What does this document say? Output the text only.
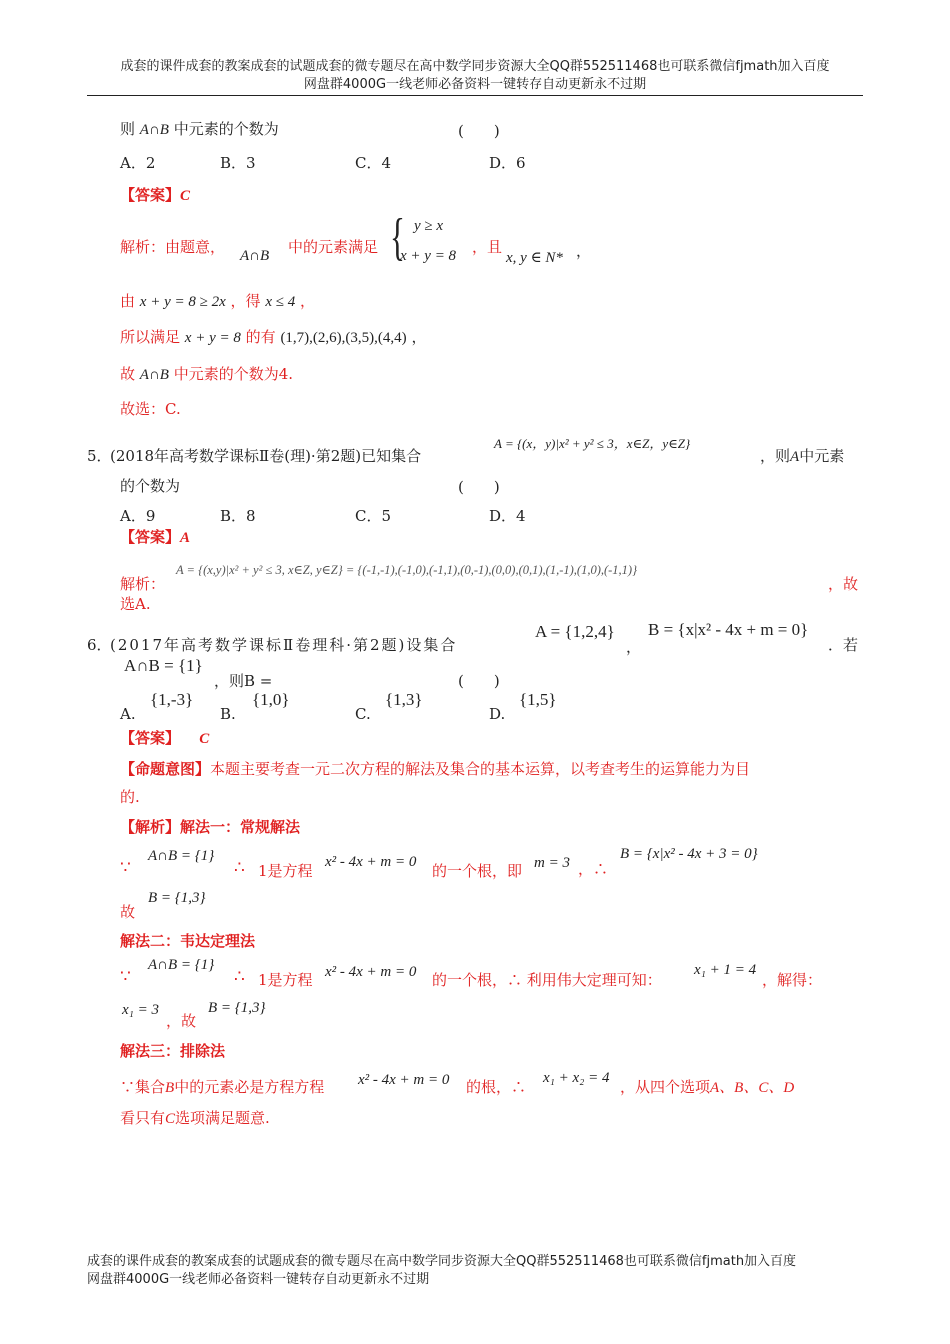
成套的课件成套的教案成套的试题成套的微专题尽在高中数学同步资源大全QQ群552511468也可联系微信fjmath加入百度
网盘群4000G一线老师必备资料一键转存自动更新永不过期
则 A∩B 中元素的个数为	(　　)
A．2	B．3	C．4	D．6
【答案】C
解析：由题意， A∩B 中的元素满足 { y ≥ x
x + y = 8 ，且
x, y ∈ N* ，
由 x + y = 8 ≥ 2x ，得 x ≤ 4 ，
所以满足 x + y = 8 的有 (1,7),(2,6),(3,5),(4,4) ，
故 A∩B 中元素的个数为4.
故选：C.
5．
(2018年高考数学课标Ⅱ卷(理)·第2题)已知集合
A = {(x，y)|x² + y² ≤ 3，x∈Z，y∈Z}
，则A中元素
的个数为	(　　)
A．9	B．8	C．5	D．4
【答案】A
解析：
A = {(x,y)|x² + y² ≤ 3, x∈Z, y∈Z} = {(-1,-1),(-1,0),(-1,1),(0,-1),(0,0),(0,1),(1,-1),(1,0),(-1,1)}
，故
选A.
6．
(2017年高考数学课标Ⅱ卷理科·第2题)设集合
A = {1,2,4}
，
B = {x|x² - 4x + m = 0}
．若
A∩B = {1}
，则B =	(　　)
A.
{1,-3}
B.
{1,0}
C.
{1,3}
D.
{1,5}
【答案】 C
【命题意图】本题主要考查一元二次方程的解法及集合的基本运算，以考查考生的运算能力为目
的.
【解析】解法一：常规解法
∵
A∩B = {1}
∴ 1是方程 x² - 4x + m = 0 的一个根，即 m = 3 ，∴
B = {x|x² - 4x + 3 = 0}
故
B = {1,3}
解法二：韦达定理法
∵
A∩B = {1}
∴ 1是方程 x² - 4x + m = 0 的一个根，∴ 利用伟大定理可知：
x₁ + 1 = 4
，解得：
x₁ = 3
，故
B = {1,3}
解法三：排除法
∵集合B中的元素必是方程方程 x² - 4x + m = 0 的根，∴ x₁ + x₂ = 4 ，从四个选项A、B、C、D
看只有C选项满足题意.
成套的课件成套的教案成套的试题成套的微专题尽在高中数学同步资源大全QQ群552511468也可联系微信fjmath加入百度
网盘群4000G一线老师必备资料一键转存自动更新永不过期
